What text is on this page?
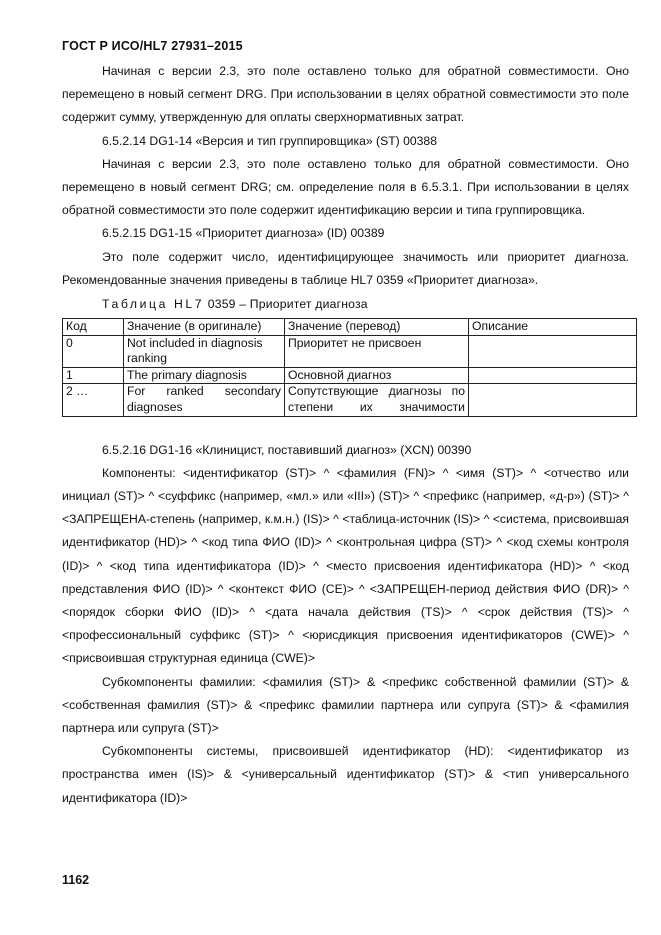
ГОСТ Р ИСО/HL7 27931–2015

Начиная с версии 2.3, это поле оставлено только для обратной совместимости. Оно перемещено в новый сегмент DRG. При использовании в целях обратной совместимости это поле содержит сумму, утвержденную для оплаты сверхнормативных затрат.

6.5.2.14 DG1-14 «Версия и тип группировщика» (ST) 00388

Начиная с версии 2.3, это поле оставлено только для обратной совместимости. Оно перемещено в новый сегмент DRG; см. определение поля в 6.5.3.1. При использовании в целях обратной совместимости это поле содержит идентификацию версии и типа группировщика.

6.5.2.15 DG1-15 «Приоритет диагноза» (ID) 00389

Это поле содержит число, идентифицирующее значимость или приоритет диагноза. Рекомендованные значения приведены в таблице HL7 0359 «Приоритет диагноза».

Таблица HL7 0359 – Приоритет диагноза

Код	Значение (в оригинале)	Значение (перевод)	Описание
0	Not included in diagnosis ranking	Приоритет не присвоен	
1	The primary diagnosis	Основной диагноз	
2 …	For ranked secondary diagnoses	Сопутствующие диагнозы по степени их значимости	

6.5.2.16 DG1-16 «Клиницист, поставивший диагноз» (XCN) 00390

Компоненты: <идентификатор (ST)> ^ <фамилия (FN)> ^ <имя (ST)> ^ <отчество или инициал (ST)> ^ <суффикс (например, «мл.» или «III») (ST)> ^ <префикс (например, «д-р») (ST)> ^ <ЗАПРЕЩЕНА-степень (например, к.м.н.) (IS)> ^ <таблица-источник (IS)> ^ <система, присвоившая идентификатор (HD)> ^ <код типа ФИО (ID)> ^ <контрольная цифра (ST)> ^ <код схемы контроля (ID)> ^ <код типа идентификатора (ID)> ^ <место присвоения идентификатора (HD)> ^ <код представления ФИО (ID)> ^ <контекст ФИО (CE)> ^ <ЗАПРЕЩЕН-период действия ФИО (DR)> ^ <порядок сборки ФИО (ID)> ^ <дата начала действия (TS)> ^ <срок действия (TS)> ^ <профессиональный суффикс (ST)> ^ <юрисдикция присвоения идентификаторов (CWE)> ^ <присвоившая структурная единица (CWE)>

Субкомпоненты фамилии: <фамилия (ST)> & <префикс собственной фамилии (ST)> & <собственная фамилия (ST)> & <префикс фамилии партнера или супруга (ST)> & <фамилия партнера или супруга (ST)>

Субкомпоненты системы, присвоившей идентификатор (HD): <идентификатор из пространства имен (IS)> & <универсальный идентификатор (ST)> & <тип универсального идентификатора (ID)>

1162
